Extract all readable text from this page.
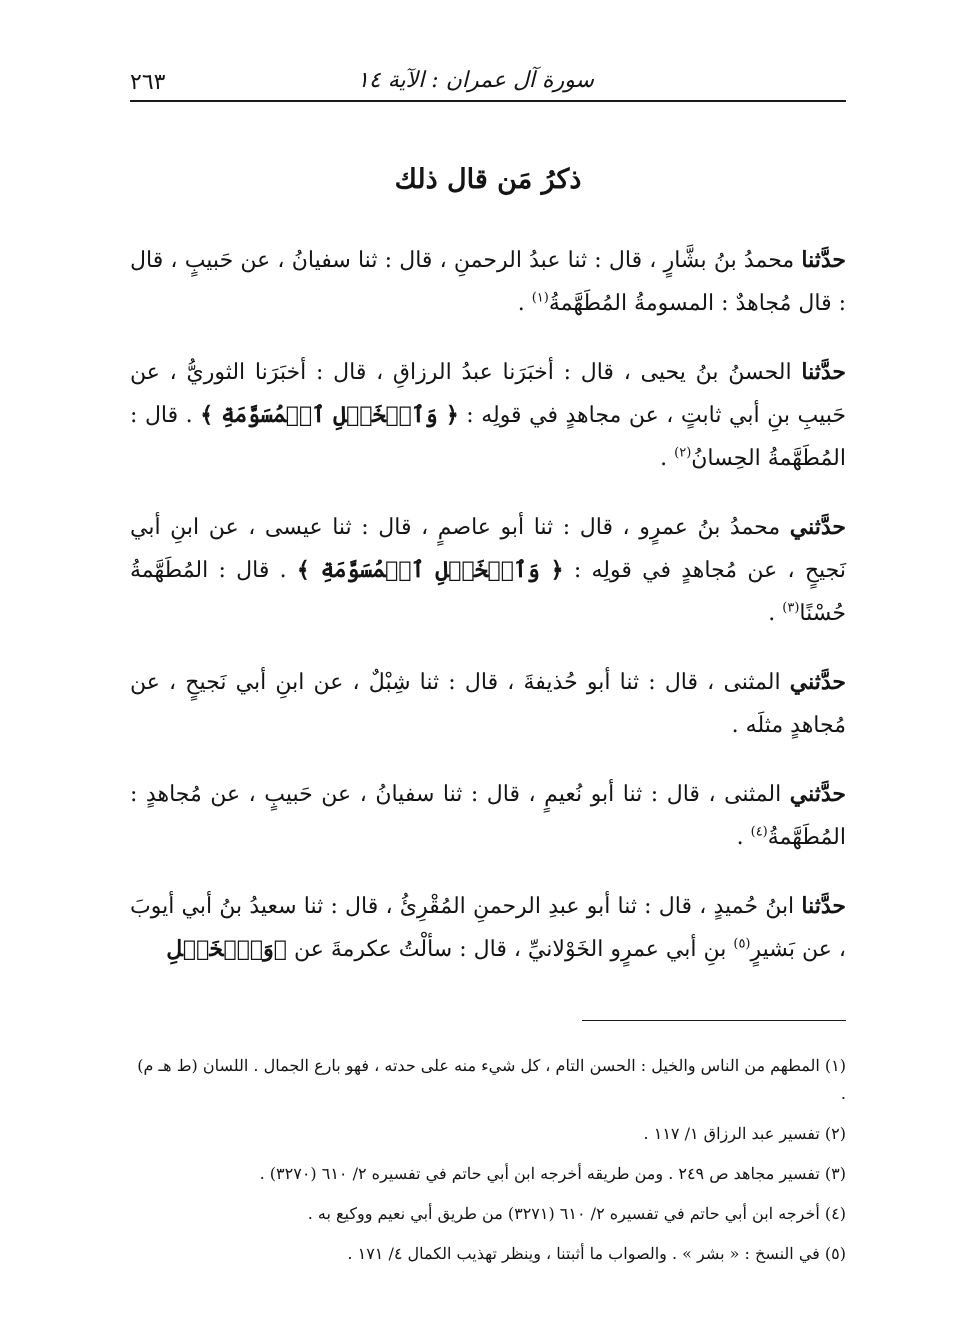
٢٦٣	سورة آل عمران : الآية ١٤
ذكرُ مَن قال ذلك

حدَّثنا محمدُ بنُ بشَّارٍ ، قال : ثنا عبدُ الرحمنِ ، قال : ثنا سفيانُ ، عن حَبيبٍ ، قال : قال مُجاهدٌ : المسومةُ المُطَهَّمةُ$^{(١)}$ .

حدَّثنا الحسنُ بنُ يحيى ، قال : أخبَرَنا عبدُ الرزاقِ ، قال : أخبَرَنا الثوريُّ ، عن حَبيبِ بنِ أبي ثابتٍ ، عن مجاهدٍ في قولِه : ﴿ وَٱلۡخَيۡلِ ٱلۡمُسَوَّمَةِ ﴾ . قال : المُطَهَّمةُ الحِسانُ$^{(٢)}$ .

حدَّثني محمدُ بنُ عمرٍو ، قال : ثنا أبو عاصمٍ ، قال : ثنا عيسى ، عن ابنِ أبي نَجيحٍ ، عن مُجاهدٍ في قولِه : ﴿ وَٱلۡخَيۡلِ ٱلۡمُسَوَّمَةِ ﴾ . قال : المُطَهَّمةُ حُسْنًا$^{(٣)}$ .

حدَّثني المثنى ، قال : ثنا أبو حُذيفةَ ، قال : ثنا شِبْلٌ ، عن ابنِ أبي نَجيحٍ ، عن مُجاهدٍ مثلَه .

حدَّثني المثنى ، قال : ثنا أبو نُعيمٍ ، قال : ثنا سفيانُ ، عن حَبيبٍ ، عن مُجاهدٍ : المُطَهَّمةُ$^{(٤)}$ .

حدَّثنا ابنُ حُميدٍ ، قال : ثنا أبو عبدِ الرحمنِ المُقْرِئُ ، قال : ثنا سعيدُ بنُ أبي أيوبَ ، عن بَشيرٍ$^{(٥)}$ بنِ أبي عمرٍو الخَوْلانيِّ ، قال : سألْتُ عكرمةَ عن ﴿وَٱلۡخَيۡلِ

(١) المطهم من الناس والخيل : الحسن التام ، كل شيء منه على حدته ، فهو بارع الجمال . اللسان (ط هـ م) .

(٢) تفسير عبد الرزاق ١/ ١١٧ .

(٣) تفسير مجاهد ص ٢٤٩ . ومن طريقه أخرجه ابن أبي حاتم في تفسيره ٢/ ٦١٠ (٣٢٧٠) .

(٤) أخرجه ابن أبي حاتم في تفسيره ٢/ ٦١٠ (٣٢٧١) من طريق أبي نعيم ووكيع به .

(٥) في النسخ : « بشر » . والصواب ما أثبتنا ، وينظر تهذيب الكمال ٤/ ١٧١ .
